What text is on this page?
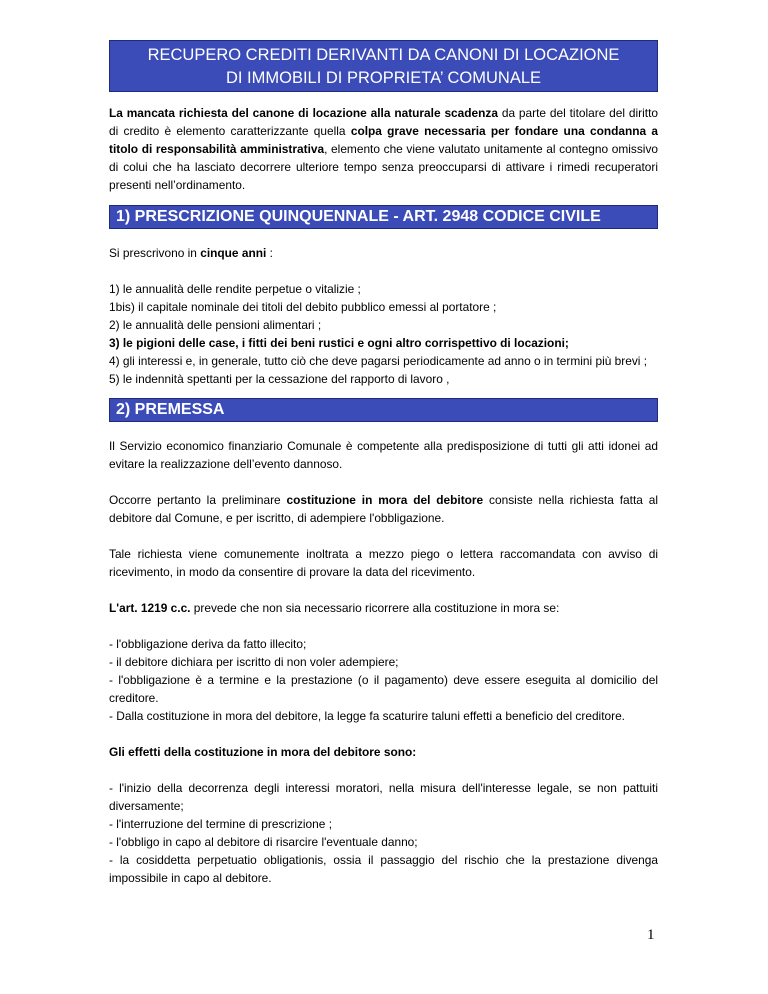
RECUPERO CREDITI DERIVANTI DA CANONI DI LOCAZIONE
DI IMMOBILI DI PROPRIETA’ COMUNALE
La mancata richiesta del canone di locazione alla naturale scadenza da parte del titolare del diritto di credito è elemento caratterizzante quella colpa grave necessaria per fondare una condanna a titolo di responsabilità amministrativa, elemento che viene valutato unitamente al contegno omissivo di colui che ha lasciato decorrere ulteriore tempo senza preoccuparsi di attivare i rimedi recuperatori presenti nell’ordinamento.
1) PRESCRIZIONE QUINQUENNALE - ART. 2948 CODICE CIVILE
Si prescrivono in cinque anni :
1) le annualità delle rendite perpetue o vitalizie ;
1bis) il capitale nominale dei titoli del debito pubblico emessi al portatore ;
2) le annualità delle pensioni alimentari ;
3) le pigioni delle case, i fitti dei beni rustici e ogni altro corrispettivo di locazioni;
4) gli interessi e, in generale, tutto ciò che deve pagarsi periodicamente ad anno o in termini più brevi ;
5) le indennità spettanti per la cessazione del rapporto di lavoro ,
2) PREMESSA
Il Servizio economico finanziario Comunale è competente alla predisposizione di tutti gli atti idonei ad evitare la realizzazione dell’evento dannoso.
Occorre pertanto la preliminare costituzione in mora del debitore consiste nella richiesta fatta al debitore dal Comune, e per iscritto, di adempiere l'obbligazione.
Tale richiesta viene comunemente inoltrata a mezzo piego o lettera raccomandata con avviso di ricevimento, in modo da consentire di provare la data del ricevimento.
L'art. 1219 c.c. prevede che non sia necessario ricorrere alla costituzione in mora se:
- l'obbligazione deriva da fatto illecito;
- il debitore dichiara per iscritto di non voler adempiere;
- l'obbligazione è a termine e la prestazione (o il pagamento) deve essere eseguita al domicilio del creditore.
- Dalla costituzione in mora del debitore, la legge fa scaturire taluni effetti a beneficio del creditore.
Gli effetti della costituzione in mora del debitore sono:
- l'inizio della decorrenza degli interessi moratori, nella misura dell'interesse legale, se non pattuiti diversamente;
- l'interruzione del termine di prescrizione ;
- l'obbligo in capo al debitore di risarcire l'eventuale danno;
- la cosiddetta perpetuatio obligationis, ossia il passaggio del rischio che la prestazione divenga impossibile in capo al debitore.
1
